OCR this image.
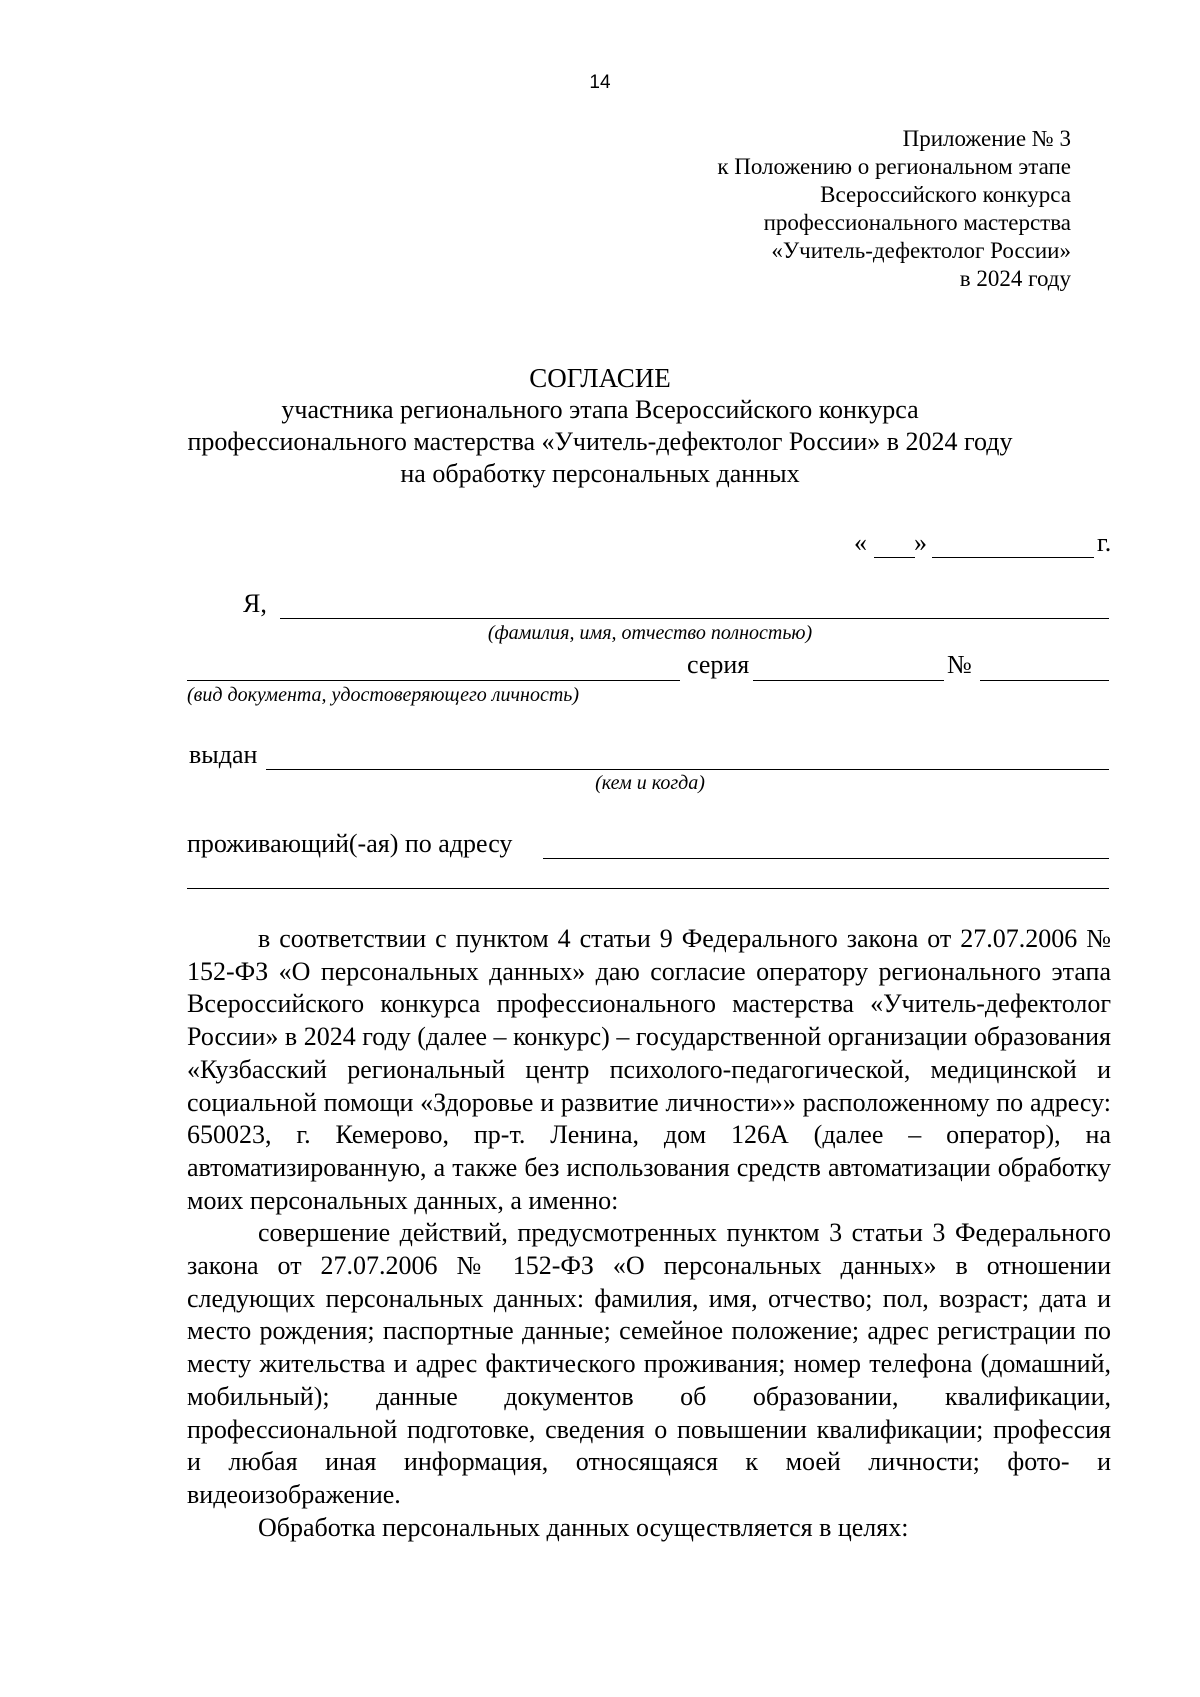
14
Приложение № 3
к Положению о региональном этапе
Всероссийского конкурса
профессионального мастерства
«Учитель-дефектолог России»
в 2024 году
СОГЛАСИЕ
участника регионального этапа Всероссийского конкурса
профессионального мастерства «Учитель-дефектолог России» в 2024 году
на обработку персональных данных
« »	г.
Я,
(фамилия, имя, отчество полностью)
серия	№
(вид документа, удостоверяющего личность)
выдан
(кем и когда)
проживающий(-ая) по адресу

в соответствии с пунктом 4 статьи 9 Федерального закона от 27.07.2006 № 152-ФЗ «О персональных данных» даю согласие оператору регионального этапа Всероссийского конкурса профессионального мастерства «Учитель-дефектолог России» в 2024 году (далее – конкурс) – государственной организации образования «Кузбасский региональный центр психолого-педагогической, медицинской и социальной помощи «Здоровье и развитие личности»» расположенному по адресу: 650023, г. Кемерово, пр-т. Ленина, дом 126А (далее – оператор), на автоматизированную, а также без использования средств автоматизации обработку моих персональных данных, а именно:

совершение действий, предусмотренных пунктом 3 статьи 3 Федерального закона от 27.07.2006 № 152-ФЗ «О персональных данных» в отношении следующих персональных данных: фамилия, имя, отчество; пол, возраст; дата и место рождения; паспортные данные; семейное положение; адрес регистрации по месту жительства и адрес фактического проживания; номер телефона (домашний, мобильный); данные документов об образовании, квалификации, профессиональной подготовке, сведения о повышении квалификации; профессия и любая иная информация, относящаяся к моей личности; фото- и видеоизображение.

Обработка персональных данных осуществляется в целях:
